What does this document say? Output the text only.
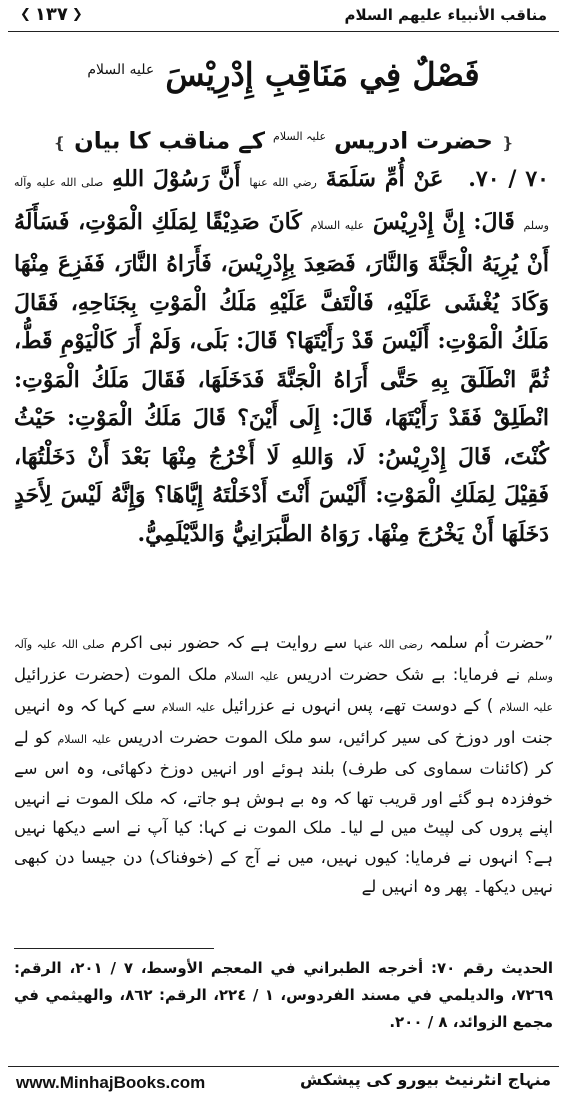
مناقب الأنبياء علیهم السلام
❮
١٣٧
❯
فَصْلٌ فِي مَنَاقِبِ إِدْرِيْسَ $^{عليه السلام}$
❴ حضرت ادریس $^{علیہ السلام}$ کے مناقب کا بیان ❵

٧٠ / ٧٠. عَنْ أُمِّ سَلَمَةَ رضي الله عنها أَنَّ رَسُوْلَ اللهِ صلى الله عليه وآله وسلم قَالَ: إِنَّ إِدْرِيْسَ عليه السلام كَانَ صَدِيْقًا لِمَلَكِ الْمَوْتِ، فَسَأَلَهُ أَنْ يُرِيَهُ الْجَنَّةَ وَالنَّارَ، فَصَعِدَ بِإِدْرِيْسَ، فَأَرَاهُ النَّارَ، فَفَزِعَ مِنْهَا وَكَادَ يُغْشَى عَلَيْهِ، فَالْتَفَّ عَلَيْهِ مَلَكُ الْمَوْتِ بِجَنَاحِهِ، فَقَالَ مَلَكُ الْمَوْتِ: أَلَيْسَ قَدْ رَأَيْتَهَا؟ قَالَ: بَلَى، وَلَمْ أَرَ كَالْيَوْمِ قَطُّ، ثُمَّ انْطَلَقَ بِهِ حَتَّى أَرَاهُ الْجَنَّةَ فَدَخَلَهَا، فَقَالَ مَلَكُ الْمَوْتِ: انْطَلِقْ فَقَدْ رَأَيْتَهَا، قَالَ: إِلَى أَيْنَ؟ قَالَ مَلَكُ الْمَوْتِ: حَيْثُ كُنْتَ، قَالَ إِدْرِيْسُ: لَا، وَاللهِ لَا أَخْرُجُ مِنْهَا بَعْدَ أَنْ دَخَلْتُهَا، فَقِيْلَ لِمَلَكِ الْمَوْتِ: أَلَيْسَ أَنْتَ أَدْخَلْتَهُ إِيَّاهَا؟ وَإِنَّهُ لَيْسَ لِأَحَدٍ دَخَلَهَا أَنْ يَخْرُجَ مِنْهَا. رَوَاهُ الطَّبَرَانِيُّ وَالدَّيْلَمِيُّ.

”حضرت اُم سلمہ رضی اللہ عنہا سے روایت ہے کہ حضور نبی اکرم صلی اللہ علیہ وآلہ وسلم نے فرمایا: بے شک حضرت ادریس علیہ السلام ملک الموت (حضرت عزرائیل علیہ السلام ) کے دوست تھے، پس انہوں نے عزرائیل علیہ السلام سے کہا کہ وہ انہیں جنت اور دوزخ کی سیر کرائیں، سو ملک الموت حضرت ادریس علیہ السلام کو لے کر (کائنات سماوی کی طرف) بلند ہوئے اور انہیں دوزخ دکھائی، وہ اس سے خوفزدہ ہو گئے اور قریب تھا کہ وہ بے ہوش ہو جاتے، کہ ملک الموت نے انہیں اپنے پروں کی لپیٹ میں لے لیا۔ ملک الموت نے کہا: کیا آپ نے اسے دیکھا نہیں ہے؟ انہوں نے فرمایا: کیوں نہیں، میں نے آج کے (خوفناک) دن جیسا دن کبھی نہیں دیکھا۔ پھر وہ انہیں لے

الحديث رقم ٧٠: أخرجه الطبراني في المعجم الأوسط، ٧ / ٢٠١، الرقم: ٧٢٦٩، والديلمي في مسند الفردوس، ١ / ٢٢٤، الرقم: ٨٦٢، والهيثمي في مجمع الزوائد، ٨ / ٢٠٠.

www.MinhajBooks.com	منہاج انٹرنیٹ بیورو کی پیشکش
